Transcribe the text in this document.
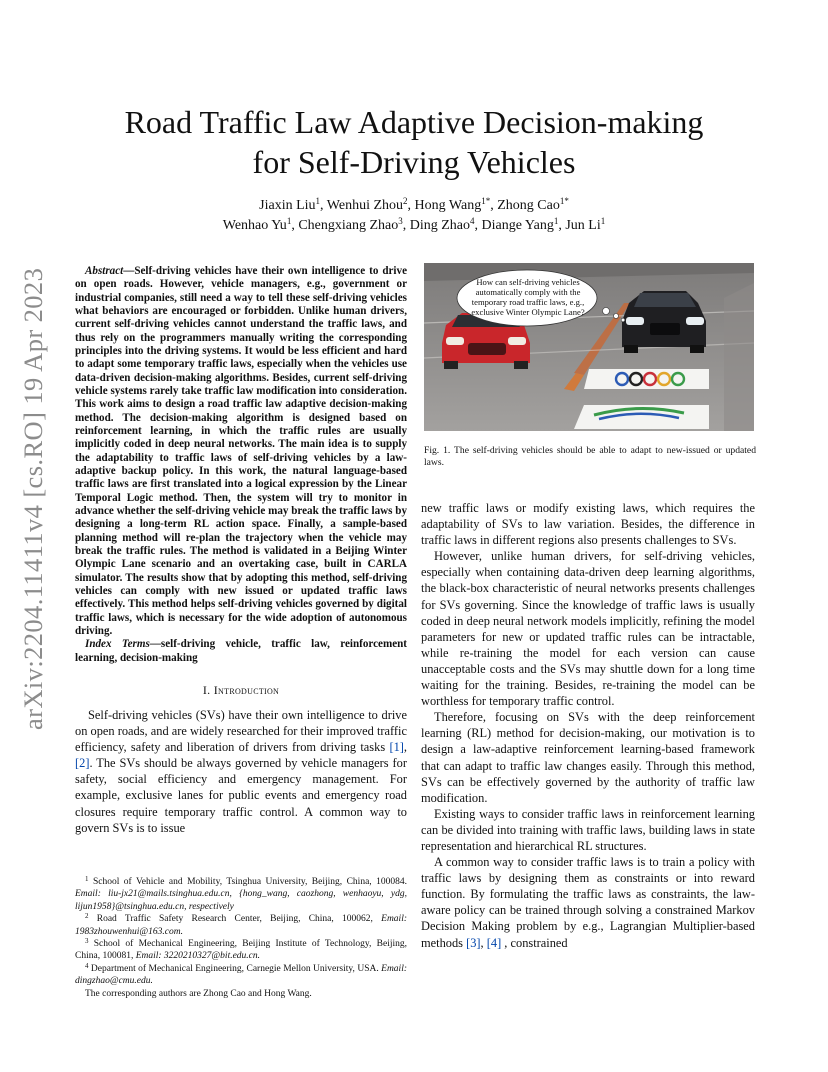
arXiv:2204.11411v4 [cs.RO] 19 Apr 2023
Road Traffic Law Adaptive Decision-making
for Self-Driving Vehicles
Jiaxin Liu$^1$, Wenhui Zhou$^2$, Hong Wang$^{1*}$, Zhong Cao$^{1*}$
Wenhao Yu$^1$, Chengxiang Zhao$^3$, Ding Zhao$^4$, Diange Yang$^1$, Jun Li$^1$
Abstract—Self-driving vehicles have their own intelligence to drive on open roads. However, vehicle managers, e.g., government or industrial companies, still need a way to tell these self-driving vehicles what behaviors are encouraged or forbidden. Unlike human drivers, current self-driving vehicles cannot understand the traffic laws, and thus rely on the programmers manually writing the corresponding principles into the driving systems. It would be less efficient and hard to adapt some temporary traffic laws, especially when the vehicles use data-driven decision-making algorithms. Besides, current self-driving vehicle systems rarely take traffic law modification into consideration. This work aims to design a road traffic law adaptive decision-making method. The decision-making algorithm is designed based on reinforcement learning, in which the traffic rules are usually implicitly coded in deep neural networks. The main idea is to supply the adaptability to traffic laws of self-driving vehicles by a law-adaptive backup policy. In this work, the natural language-based traffic laws are first translated into a logical expression by the Linear Temporal Logic method. Then, the system will try to monitor in advance whether the self-driving vehicle may break the traffic laws by designing a long-term RL action space. Finally, a sample-based planning method will re-plan the trajectory when the vehicle may break the traffic rules. The method is validated in a Beijing Winter Olympic Lane scenario and an overtaking case, built in CARLA simulator. The results show that by adopting this method, self-driving vehicles can comply with new issued or updated traffic laws effectively. This method helps self-driving vehicles governed by digital traffic laws, which is necessary for the wide adoption of autonomous driving.
Index Terms—self-driving vehicle, traffic law, reinforcement learning, decision-making
I. Introduction

Self-driving vehicles (SVs) have their own intelligence to drive on open roads, and are widely researched for their improved traffic efficiency, safety and liberation of drivers from driving tasks [1], [2]. The SVs should be always governed by vehicle managers for safety, social efficiency and emergency management. For example, exclusive lanes for public events and emergency road closures require temporary traffic control. A common way to govern SVs is to issue

$^1$ School of Vehicle and Mobility, Tsinghua University, Beijing, China, 100084. Email: liu-jx21@mails.tsinghua.edu.cn, {hong_wang, caozhong, wenhaoyu, ydg, lijun1958}@tsinghua.edu.cn, respectively
$^2$ Road Traffic Safety Research Center, Beijing, China, 100062, Email: 1983zhouwenhui@163.com.
$^3$ School of Mechanical Engineering, Beijing Institute of Technology, Beijing, China, 100081, Email: 3220210327@bit.edu.cn.
$^4$ Department of Mechanical Engineering, Carnegie Mellon University, USA. Email: dingzhao@cmu.edu.
The corresponding authors are Zhong Cao and Hong Wang.
How can self-driving vehicles automatically comply with the temporary road traffic laws, e.g., exclusive Winter Olympic Lane?
Fig. 1. The self-driving vehicles should be able to adapt to new-issued or updated laws.

new traffic laws or modify existing laws, which requires the adaptability of SVs to law variation. Besides, the difference in traffic laws in different regions also presents challenges to SVs.

However, unlike human drivers, for self-driving vehicles, especially when containing data-driven deep learning algorithms, the black-box characteristic of neural networks presents challenges for SVs governing. Since the knowledge of traffic laws is usually coded in deep neural network models implicitly, refining the model parameters for new or updated traffic rules can be intractable, while re-training the model for each version can cause unacceptable costs and the SVs may shuttle down for a long time waiting for the training. Besides, re-training the model can be worthless for temporary traffic control.

Therefore, focusing on SVs with the deep reinforcement learning (RL) method for decision-making, our motivation is to design a law-adaptive reinforcement learning-based framework that can adapt to traffic law changes easily. Through this method, SVs can be effectively governed by the authority of traffic law modification.

Existing ways to consider traffic laws in reinforcement learning can be divided into training with traffic laws, building laws in state representation and hierarchical RL structures.

A common way to consider traffic laws is to train a policy with traffic laws by designing them as constraints or into reward function. By formulating the traffic laws as constraints, the law-aware policy can be trained through solving a constrained Markov Decision Making problem by e.g., Lagrangian Multiplier-based methods [3], [4] , constrained
